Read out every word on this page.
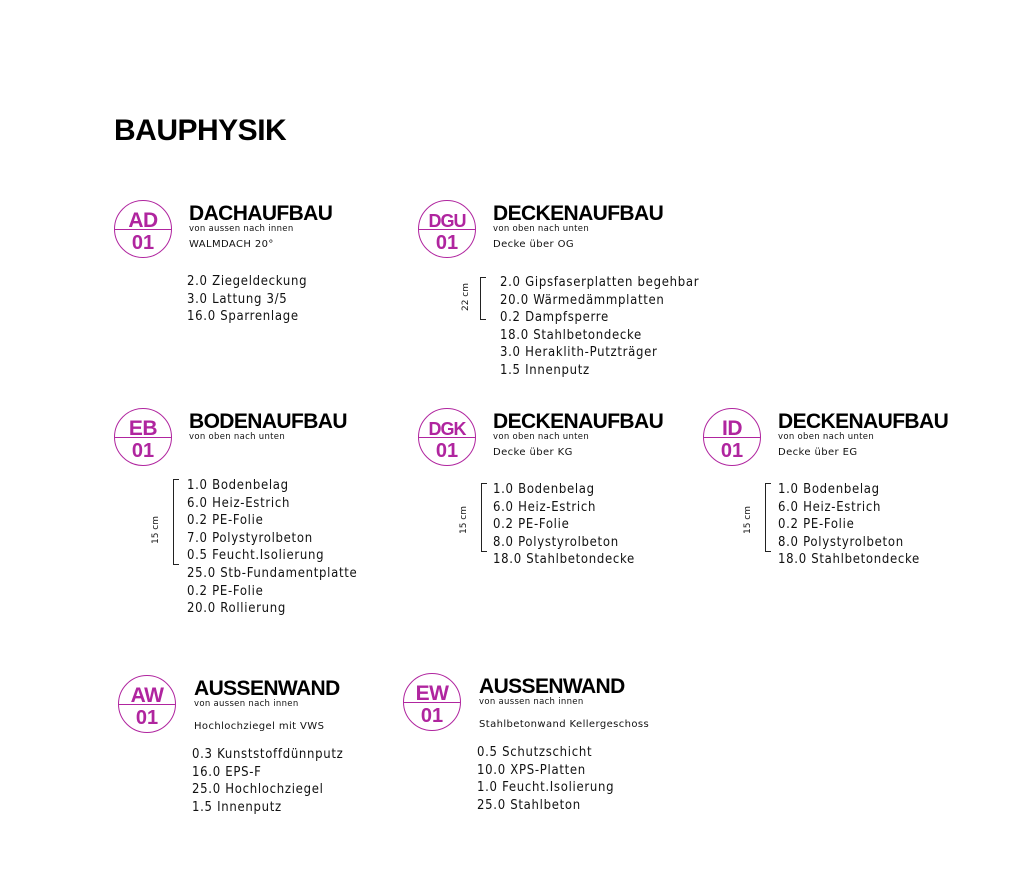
BAUPHYSIK
AD
01
DACHAUFBAU
von aussen nach innen
WALMDACH 20°
2.0 Ziegeldeckung
3.0 Lattung 3/5
16.0 Sparrenlage
DGU
01
DECKENAUFBAU
von oben nach unten
Decke über OG
22 cm
2.0 Gipsfaserplatten begehbar
20.0 Wärmedämmplatten
0.2 Dampfsperre
18.0 Stahlbetondecke
3.0 Heraklith-Putzträger
1.5 Innenputz
EB
01
BODENAUFBAU
von oben nach unten
15 cm
1.0 Bodenbelag
6.0 Heiz-Estrich
0.2 PE-Folie
7.0 Polystyrolbeton
0.5 Feucht.Isolierung
25.0 Stb-Fundamentplatte
0.2 PE-Folie
20.0 Rollierung
DGK
01
DECKENAUFBAU
von oben nach unten
Decke über KG
15 cm
1.0 Bodenbelag
6.0 Heiz-Estrich
0.2 PE-Folie
8.0 Polystyrolbeton
18.0 Stahlbetondecke
ID
01
DECKENAUFBAU
von oben nach unten
Decke über EG
15 cm
1.0 Bodenbelag
6.0 Heiz-Estrich
0.2 PE-Folie
8.0 Polystyrolbeton
18.0 Stahlbetondecke
AW
01
AUSSENWAND
von aussen nach innen
Hochlochziegel mit VWS
0.3 Kunststoffdünnputz
16.0 EPS-F
25.0 Hochlochziegel
1.5 Innenputz
EW
01
AUSSENWAND
von aussen nach innen
Stahlbetonwand Kellergeschoss
0.5 Schutzschicht
10.0 XPS-Platten
1.0 Feucht.Isolierung
25.0 Stahlbeton
